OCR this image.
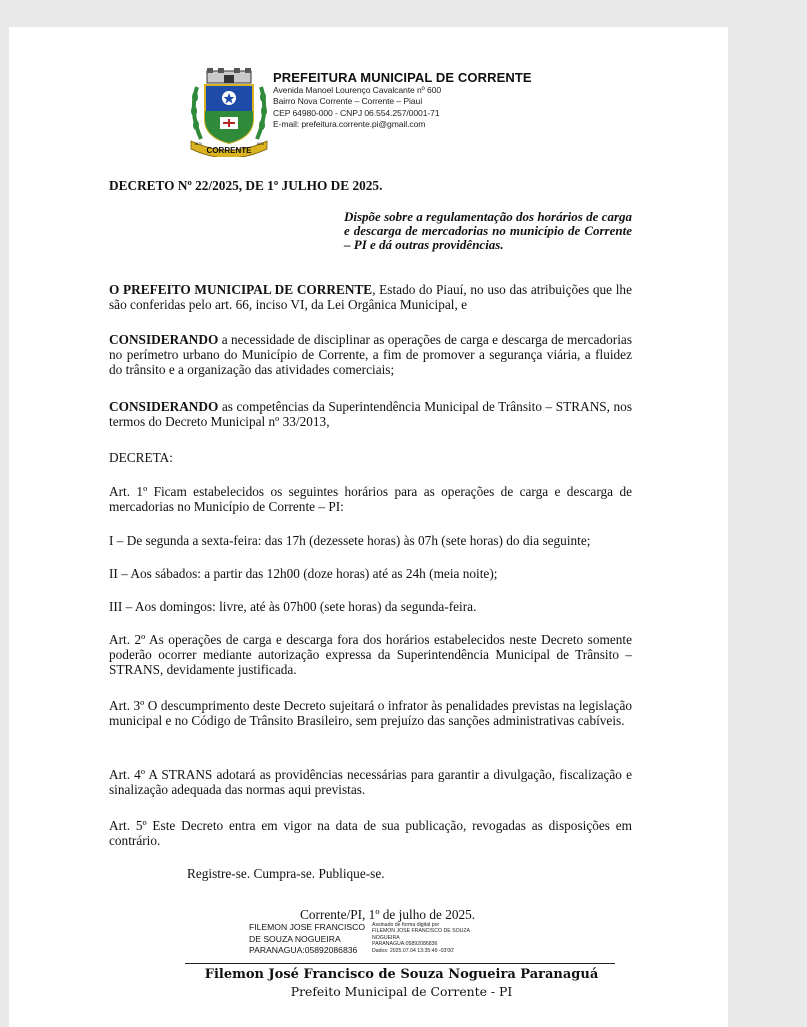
CORRENTE
1870	1915
PREFEITURA MUNICIPAL DE CORRENTE
Avenida Manoel Lourenço Cavalcante nº 600
Bairro Nova Corrente – Corrente – Piauí
CEP 64980-000 - CNPJ 06.554.257/0001-71
E-mail: prefeitura.corrente.pi@gmail.com
DECRETO Nº 22/2025, DE 1º JULHO DE 2025.
Dispõe sobre a regulamentação dos horários de carga e descarga de mercadorias no município de Corrente – PI e dá outras providências.
O PREFEITO MUNICIPAL DE CORRENTE, Estado do Piauí, no uso das atribuições que lhe são conferidas pelo art. 66, inciso VI, da Lei Orgânica Municipal, e
CONSIDERANDO a necessidade de disciplinar as operações de carga e descarga de mercadorias no perímetro urbano do Município de Corrente, a fim de promover a segurança viária, a fluidez do trânsito e a organização das atividades comerciais;
CONSIDERANDO as competências da Superintendência Municipal de Trânsito – STRANS, nos termos do Decreto Municipal nº 33/2013,
DECRETA:
Art. 1º Ficam estabelecidos os seguintes horários para as operações de carga e descarga de mercadorias no Município de Corrente – PI:
I – De segunda a sexta-feira: das 17h (dezessete horas) às 07h (sete horas) do dia seguinte;
II – Aos sábados: a partir das 12h00 (doze horas) até as 24h (meia noite);
III – Aos domingos: livre, até às 07h00 (sete horas) da segunda-feira.
Art. 2º As operações de carga e descarga fora dos horários estabelecidos neste Decreto somente poderão ocorrer mediante autorização expressa da Superintendência Municipal de Trânsito – STRANS, devidamente justificada.
Art. 3º O descumprimento deste Decreto sujeitará o infrator às penalidades previstas na legislação municipal e no Código de Trânsito Brasileiro, sem prejuízo das sanções administrativas cabíveis.
Art. 4º A STRANS adotará as providências necessárias para garantir a divulgação, fiscalização e sinalização adequada das normas aqui previstas.
Art. 5º Este Decreto entra em vigor na data de sua publicação, revogadas as disposições em contrário.
Registre-se. Cumpra-se. Publique-se.
Corrente/PI, 1º de julho de 2025.
FILEMON JOSE FRANCISCO
DE SOUZA NOGUEIRA
PARANAGUA:05892086836
Assinado de forma digital por
FILEMON JOSE FRANCISCO DE SOUZA
NOGUEIRA
PARANAGUA:05892086836
Dados: 2025.07.04 13:35:49 -03'00'
Filemon José Francisco de Souza Nogueira Paranaguá
Prefeito Municipal de Corrente - PI
